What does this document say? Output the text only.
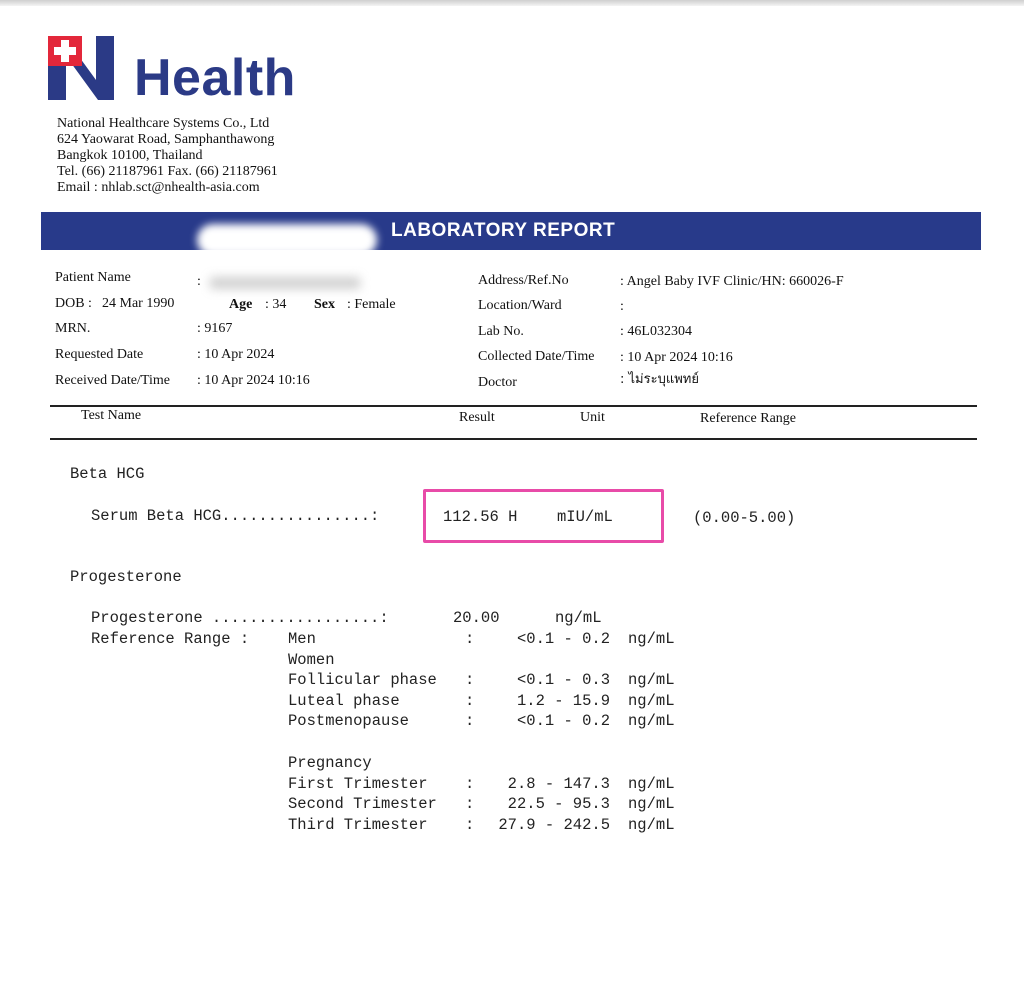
Health
National Healthcare Systems Co., Ltd
624 Yaowarat Road, Samphanthawong
Bangkok 10100, Thailand
Tel. (66) 21187961 Fax. (66) 21187961
Email : nhlab.sct@nhealth-asia.com
LABORATORY REPORT
Patient Name	:
DOB : 24 Mar 1990	Age : 34 Sex : Female
MRN.	: 9167
Requested Date	: 10 Apr 2024
Received Date/Time : 10 Apr 2024 10:16
Address/Ref.No	: Angel Baby IVF Clinic/HN: 660026-F
Location/Ward	:
Lab No.	: 46L032304
Collected Date/Time : 10 Apr 2024 10:16
Doctor	: ไม่ระบุแพทย์
Test Name	Result	Unit	Reference Range
Beta HCG
Serum Beta HCG................:	112.56 H	mIU/mL	(0.00-5.00)
Progesterone
Progesterone ..................:	20.00	ng/mL
Reference Range :	Men	:	<0.1 - 0.2 ng/mL
Women
Follicular phase :	<0.1 - 0.3 ng/mL
Luteal phase	:	1.2 - 15.9 ng/mL
Postmenopause	:	<0.1 - 0.2 ng/mL
Pregnancy
First Trimester :	2.8 - 147.3 ng/mL
Second Trimester :	22.5 - 95.3 ng/mL
Third Trimester :	27.9 - 242.5 ng/mL
